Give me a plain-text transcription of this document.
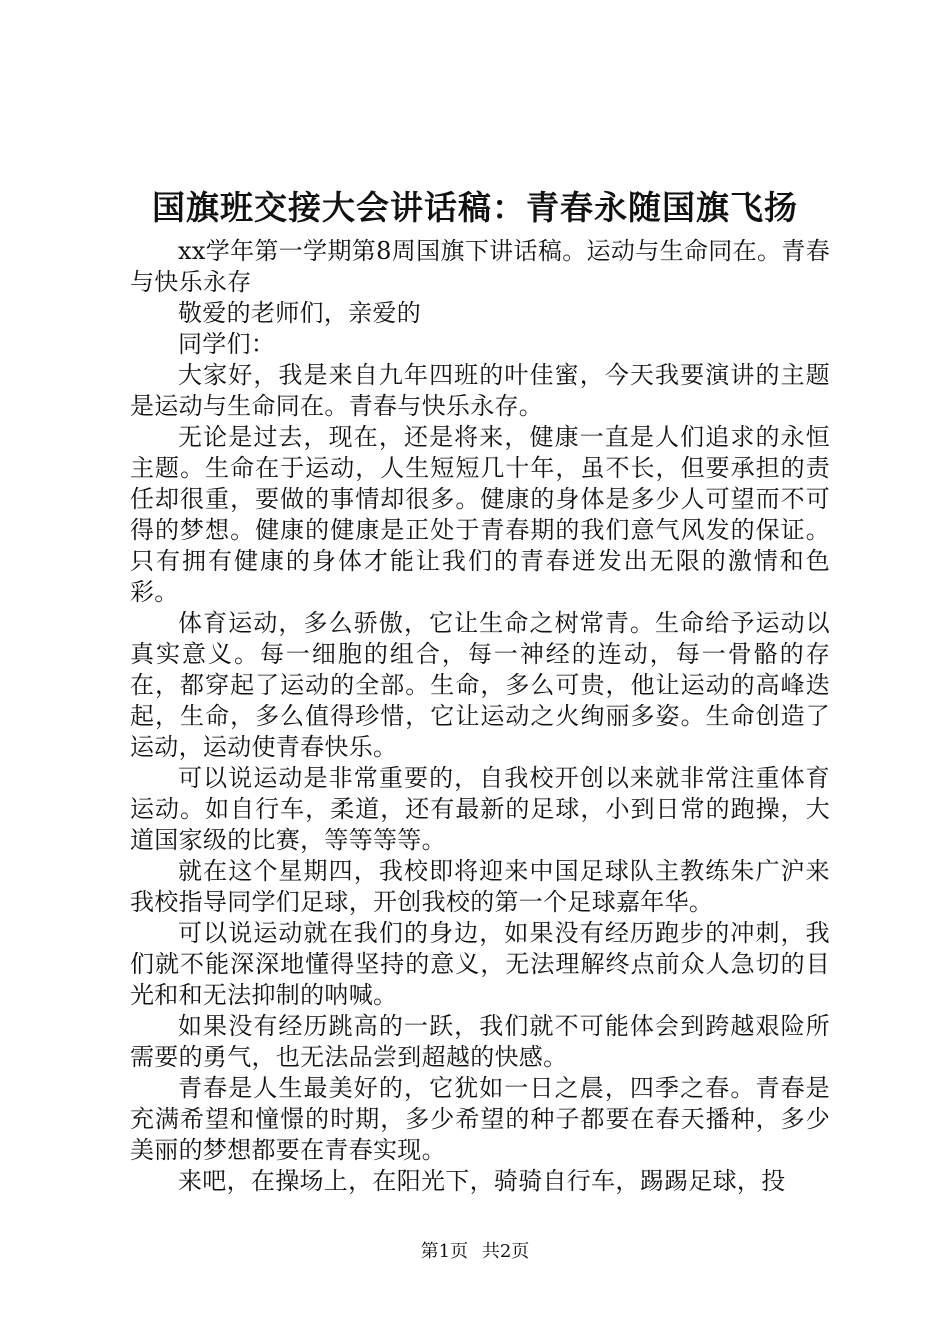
国旗班交接大会讲话稿：青春永随国旗飞扬

xx学年第一学期第8周国旗下讲话稿。运动与生命同在。青春与快乐永存

敬爱的老师们，亲爱的

同学们：

大家好，我是来自九年四班的叶佳蜜，今天我要演讲的主题是运动与生命同在。青春与快乐永存。

无论是过去，现在，还是将来，健康一直是人们追求的永恒主题。生命在于运动，人生短短几十年，虽不长，但要承担的责任却很重，要做的事情却很多。健康的身体是多少人可望而不可得的梦想。健康的健康是正处于青春期的我们意气风发的保证。只有拥有健康的身体才能让我们的青春迸发出无限的激情和色彩。

体育运动，多么骄傲，它让生命之树常青。生命给予运动以真实意义。每一细胞的组合，每一神经的连动，每一骨骼的存在，都穿起了运动的全部。生命，多么可贵，他让运动的高峰迭起，生命，多么值得珍惜，它让运动之火绚丽多姿。生命创造了运动，运动使青春快乐。

可以说运动是非常重要的，自我校开创以来就非常注重体育运动。如自行车，柔道，还有最新的足球，小到日常的跑操，大道国家级的比赛，等等等等。

就在这个星期四，我校即将迎来中国足球队主教练朱广沪来我校指导同学们足球，开创我校的第一个足球嘉年华。

可以说运动就在我们的身边，如果没有经历跑步的冲刺，我们就不能深深地懂得坚持的意义，无法理解终点前众人急切的目光和和无法抑制的呐喊。

如果没有经历跳高的一跃，我们就不可能体会到跨越艰险所需要的勇气，也无法品尝到超越的快感。

青春是人生最美好的，它犹如一日之晨，四季之春。青春是充满希望和憧憬的时期，多少希望的种子都要在春天播种，多少美丽的梦想都要在青春实现。

来吧，在操场上，在阳光下，骑骑自行车，踢踢足球，投

第1页 共2页
